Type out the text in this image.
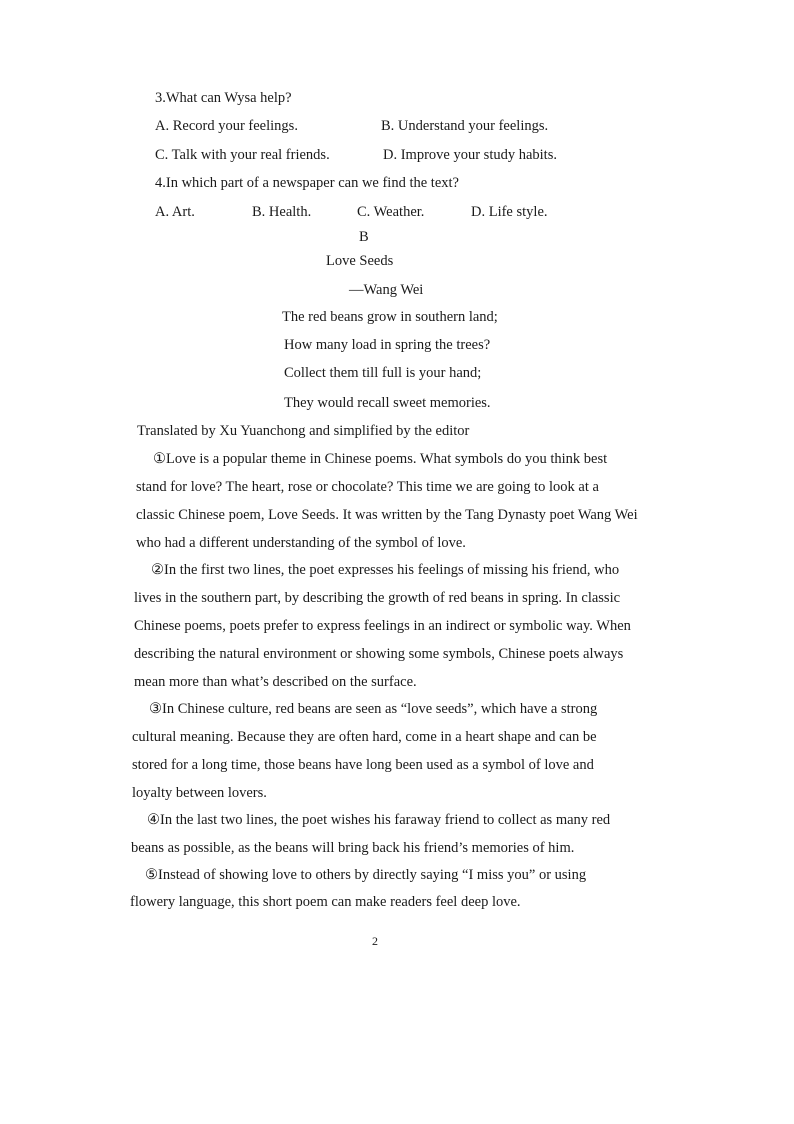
3.What can Wysa help?
A. Record your feelings.	B. Understand your feelings.
C. Talk with your real friends.	D. Improve your study habits.
4.In which part of a newspaper can we find the text?
A. Art.	B. Health.	C. Weather.	D. Life style.
B
Love Seeds
—Wang Wei
The red beans grow in southern land;
How many load in spring the trees?
Collect them till full is your hand;
They would recall sweet memories.
Translated by Xu Yuanchong and simplified by the editor
①Love is a popular theme in Chinese poems. What symbols do you think best
stand for love? The heart, rose or chocolate? This time we are going to look at a
classic Chinese poem, Love Seeds. It was written by the Tang Dynasty poet Wang Wei
who had a different understanding of the symbol of love.
②In the first two lines, the poet expresses his feelings of missing his friend, who
lives in the southern part, by describing the growth of red beans in spring. In classic
Chinese poems, poets prefer to express feelings in an indirect or symbolic way. When
describing the natural environment or showing some symbols, Chinese poets always
mean more than what’s described on the surface.
③In Chinese culture, red beans are seen as “love seeds”, which have a strong
cultural meaning. Because they are often hard, come in a heart shape and can be
stored for a long time, those beans have long been used as a symbol of love and
loyalty between lovers.
④In the last two lines, the poet wishes his faraway friend to collect as many red
beans as possible, as the beans will bring back his friend’s memories of him.
⑤Instead of showing love to others by directly saying “I miss you” or using
flowery language, this short poem can make readers feel deep love.
2
